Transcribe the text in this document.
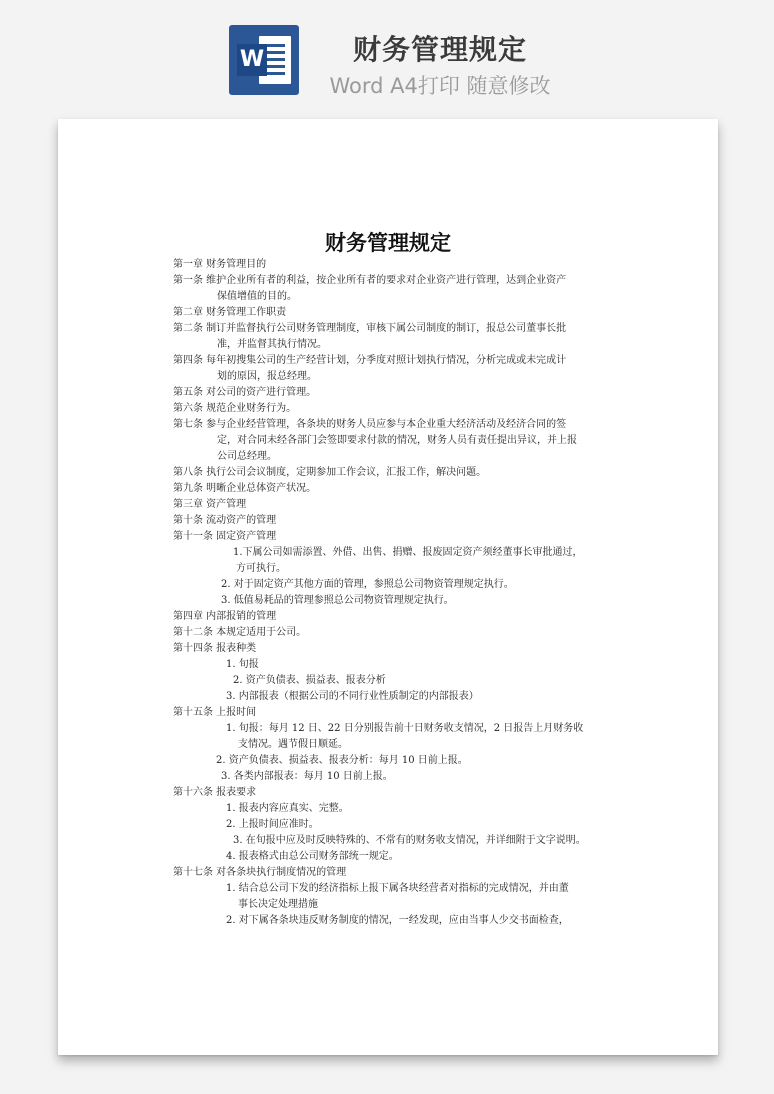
W	财务管理规定
Word A4打印 随意修改
财务管理规定
第一章 财务管理目的
第一条 维护企业所有者的利益，按企业所有者的要求对企业资产进行管理，达到企业资产
保值增值的目的。
第二章 财务管理工作职责
第二条 制订并监督执行公司财务管理制度，审核下属公司制度的制订，报总公司董事长批
准，并监督其执行情况。
第四条 每年初搜集公司的生产经营计划，分季度对照计划执行情况，分析完成或未完成计
划的原因，报总经理。
第五条 对公司的资产进行管理。
第六条 规范企业财务行为。
第七条 参与企业经营管理，各条块的财务人员应参与本企业重大经济活动及经济合同的签
定，对合同未经各部门会签即要求付款的情况，财务人员有责任提出异议，并上报
公司总经理。
第八条 执行公司会议制度，定期参加工作会议，汇报工作，解决问题。
第九条 明晰企业总体资产状况。
第三章 资产管理
第十条 流动资产的管理
第十一条 固定资产管理
1.下属公司如需添置、外借、出售、捐赠、报废固定资产须经董事长审批通过，
方可执行。
2. 对于固定资产其他方面的管理，参照总公司物资管理规定执行。
3. 低值易耗品的管理参照总公司物资管理规定执行。
第四章 内部报销的管理
第十二条 本规定适用于公司。
第十四条 报表种类
1. 旬报
2. 资产负债表、损益表、报表分析
3. 内部报表（根据公司的不同行业性质制定的内部报表）
第十五条 上报时间
1. 旬报：每月 12 日、22 日分别报告前十日财务收支情况，2 日报告上月财务收
支情况。遇节假日顺延。
2. 资产负债表、损益表、报表分析：每月 10 日前上报。
3. 各类内部报表：每月 10 日前上报。
第十六条 报表要求
1. 报表内容应真实、完整。
2. 上报时间应准时。
3. 在旬报中应及时反映特殊的、不常有的财务收支情况，并详细附于文字说明。
4. 报表格式由总公司财务部统一规定。
第十七条 对各条块执行制度情况的管理
1. 结合总公司下发的经济指标上报下属各块经营者对指标的完成情况，并由董
事长决定处理措施
2. 对下属各条块违反财务制度的情况，一经发现，应由当事人少交书面检查，
